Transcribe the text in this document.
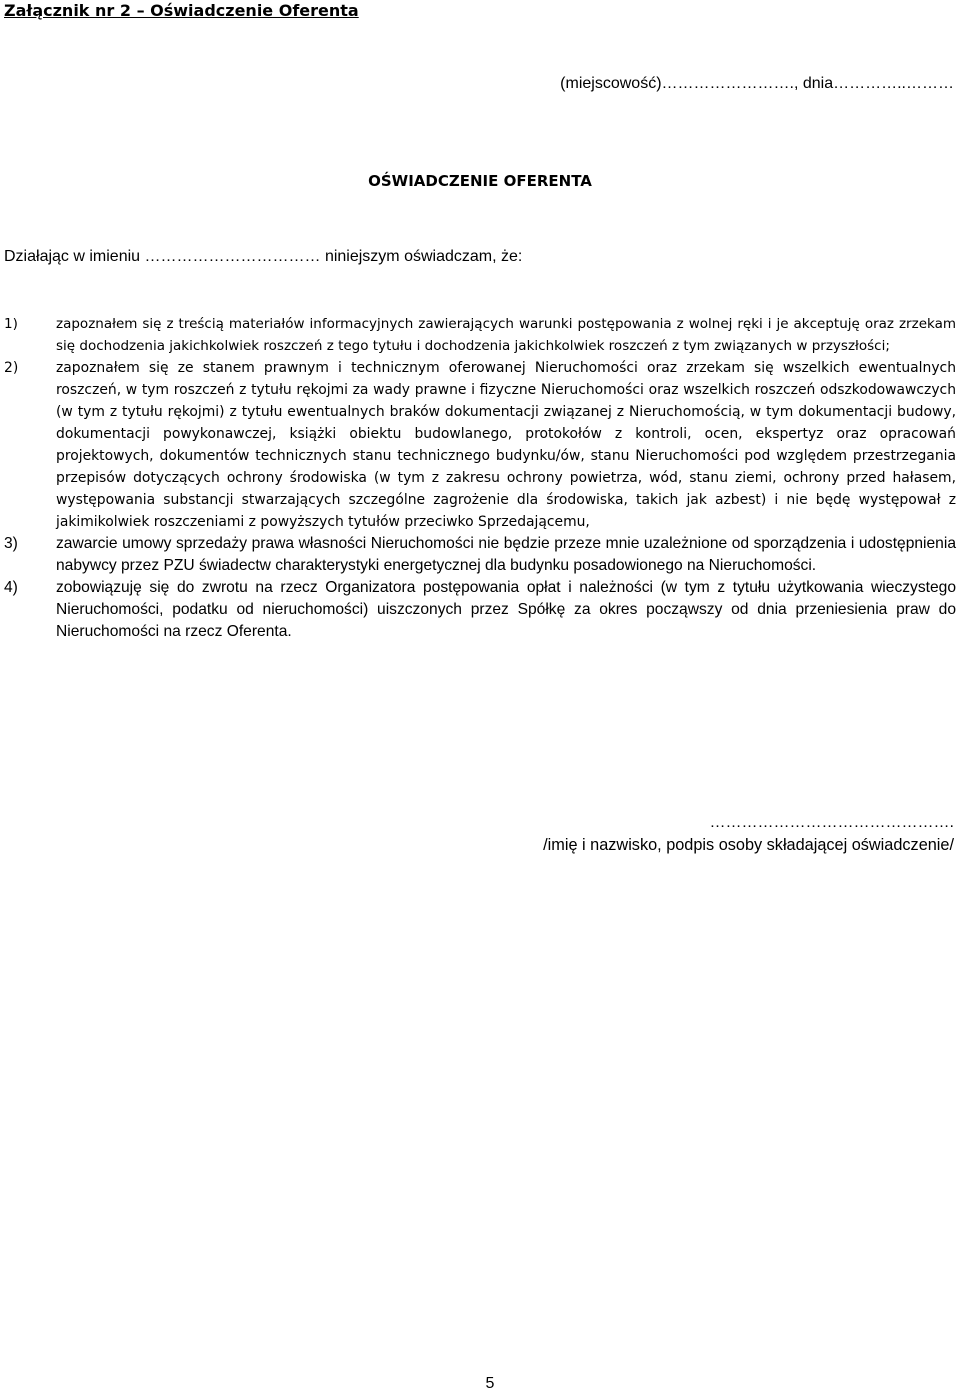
Załącznik nr 2 – Oświadczenie Oferenta
(miejscowość)……………………., dnia…………..………
OŚWIADCZENIE OFERENTA
Działając w imieniu …………………………… niniejszym oświadczam, że:
1)	zapoznałem się z treścią materiałów informacyjnych zawierających warunki postępowania z wolnej ręki i je akceptuję oraz zrzekam się dochodzenia jakichkolwiek roszczeń z tego tytułu i dochodzenia jakichkolwiek roszczeń z tym związanych w przyszłości;
2)	zapoznałem się ze stanem prawnym i technicznym oferowanej Nieruchomości oraz zrzekam się wszelkich ewentualnych roszczeń, w tym roszczeń z tytułu rękojmi za wady prawne i fizyczne Nieruchomości oraz wszelkich roszczeń odszkodowawczych (w tym z tytułu rękojmi) z tytułu ewentualnych braków dokumentacji związanej z Nieruchomością, w tym dokumentacji budowy, dokumentacji powykonawczej, książki obiektu budowlanego, protokołów z kontroli, ocen, ekspertyz oraz opracowań projektowych, dokumentów technicznych stanu technicznego budynku/ów, stanu Nieruchomości pod względem przestrzegania przepisów dotyczących ochrony środowiska (w tym z zakresu ochrony powietrza, wód, stanu ziemi, ochrony przed hałasem, występowania substancji stwarzających szczególne zagrożenie dla środowiska, takich jak azbest) i nie będę występował z jakimikolwiek roszczeniami z powyższych tytułów przeciwko Sprzedającemu,
3)	zawarcie umowy sprzedaży prawa własności Nieruchomości nie będzie przeze mnie uzależnione od sporządzenia i udostępnienia nabywcy przez PZU świadectw charakterystyki energetycznej dla budynku posadowionego na Nieruchomości.
4)	zobowiązuję się do zwrotu na rzecz Organizatora postępowania opłat i należności (w tym z tytułu użytkowania wieczystego Nieruchomości, podatku od nieruchomości) uiszczonych przez Spółkę za okres począwszy od dnia przeniesienia praw do Nieruchomości na rzecz Oferenta.
……………………………………….
/imię i nazwisko, podpis osoby składającej oświadczenie/
5
